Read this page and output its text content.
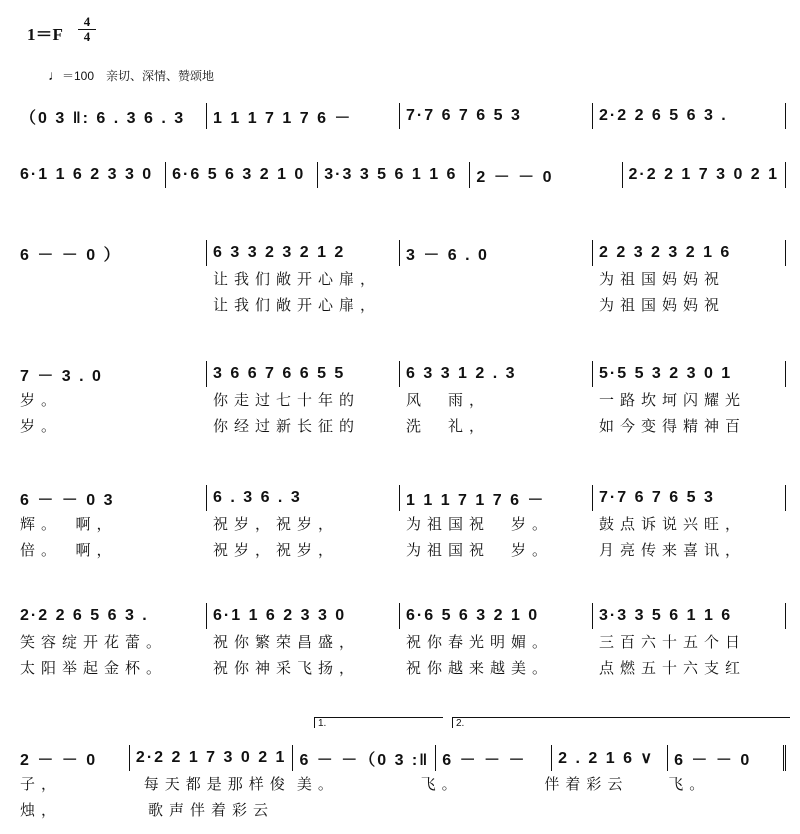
$1=F \frac{4}{4}$
♩＝100　亲切、深情、赞颂地
（0 3 ‖: 6 . 3 6 . 3	1 1 1 7 1 7 6 －	7·7 6 7 6 5 3	2·2 2 6 5 6 3 .
6·1 1 6 2 3 3 0	6·6 5 6 3 2 1 0	3·3 3 5 6 1 1 6	2 － － 0	2·2 2 1 7 3 0 2 1
6 － － 0 ）	6 3 3 2 3 2 1 2	3 － 6 . 0	2 2 3 2 3 2 1 6
让我们敞开心扉，	为祖国妈妈祝
让我们敞开心扉，	为祖国妈妈祝
7 － 3 . 0	3 6 6 7 6 6 5 5	6 3 3 1 2 . 3	5·5 5 3 2 3 0 1
岁。	你走过七十年的	风　雨，	一路坎坷闪耀光
岁。	你经过新长征的	洗　礼，	如今变得精神百
6 － － 0 3	6 . 3 6 . 3	1 1 1 7 1 7 6 －	7·7 6 7 6 5 3
辉。　啊，	祝岁，祝岁，	为祖国祝　岁。	鼓点诉说兴旺，
倍。　啊，	祝岁，祝岁，	为祖国祝　岁。	月亮传来喜讯，
2·2 2 6 5 6 3 .	6·1 1 6 2 3 3 0	6·6 5 6 3 2 1 0	3·3 3 5 6 1 1 6
笑容绽开花蕾。	祝你繁荣昌盛，	祝你春光明媚。	三百六十五个日
太阳举起金杯。	祝你神采飞扬，	祝你越来越美。	点燃五十六支红
1.	2.
2 － － 0	2·2 2 1 7 3 0 2 1 6 － －（0 3 :‖ 6 － － －	2 . 2 1 6 ∨	6 － － 0
子，	每天都是那样俊 美。	飞。	伴着彩云	飞。
烛，	歌声伴着彩云
